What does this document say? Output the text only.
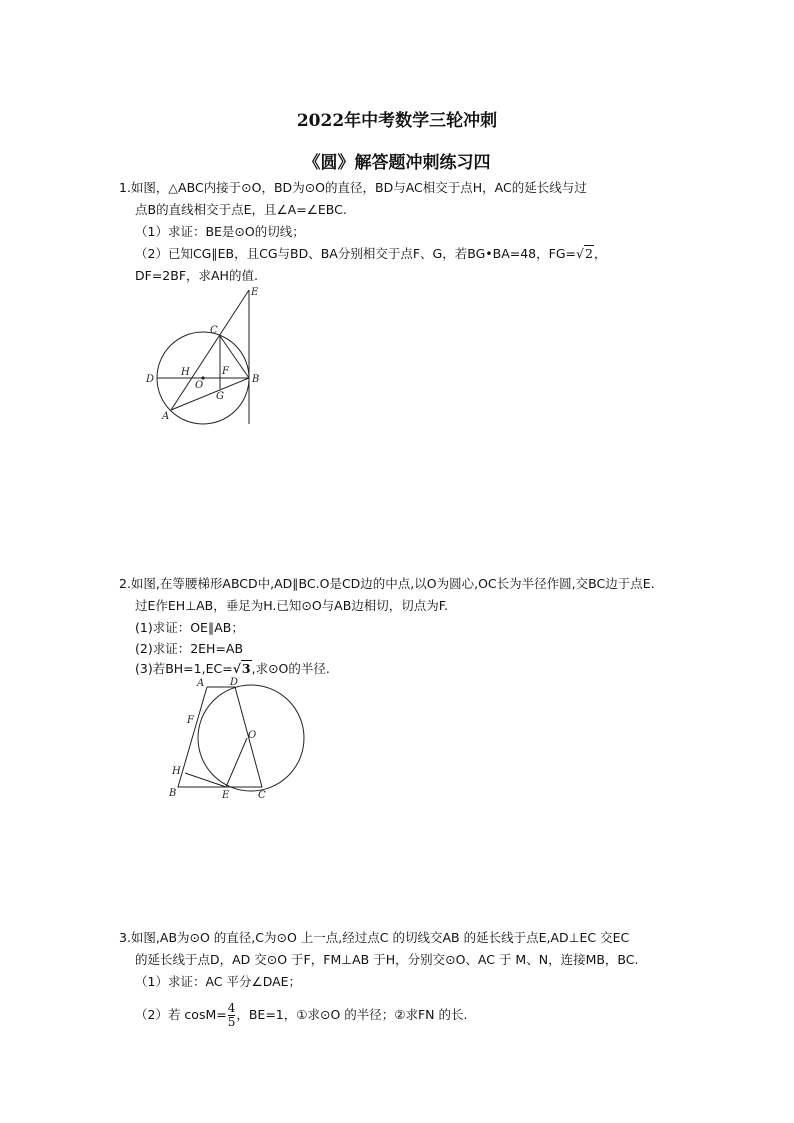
2022年中考数学三轮冲刺
《圆》解答题冲刺练习四
1.如图，△ABC内接于⊙O，BD为⊙O的直径，BD与AC相交于点H，AC的延长线与过
点B的直线相交于点E，且∠A=∠EBC.
（1）求证：BE是⊙O的切线；
（2）已知CG∥EB，且CG与BD、BA分别相交于点F、G，若BG•BA=48，FG=√2，
DF=2BF，求AH的值.
E
C
D
H
O
F
B
G
A
2.如图,在等腰梯形ABCD中,AD∥BC.O是CD边的中点,以O为圆心,OC长为半径作圆,交BC边于点E.
过E作EH⊥AB，垂足为H.已知⊙O与AB边相切，切点为F.
(1)求证：OE∥AB；
(2)求证：2EH=AB
(3)若BH=1,EC=√3,求⊙O的半径.
A	D
F
O
H
B	E	C
3.如图,AB为⊙O 的直径,C为⊙O 上一点,经过点C 的切线交AB 的延长线于点E,AD⊥EC 交EC
的延长线于点D，AD 交⊙O 于F，FM⊥AB 于H，分别交⊙O、AC 于 M、N，连接MB，BC.
（1）求证：AC 平分∠DAE；
（2）若 $\cos M= \frac{4}{5}$ ，BE=1，①求⊙O 的半径；②求FN 的长.
